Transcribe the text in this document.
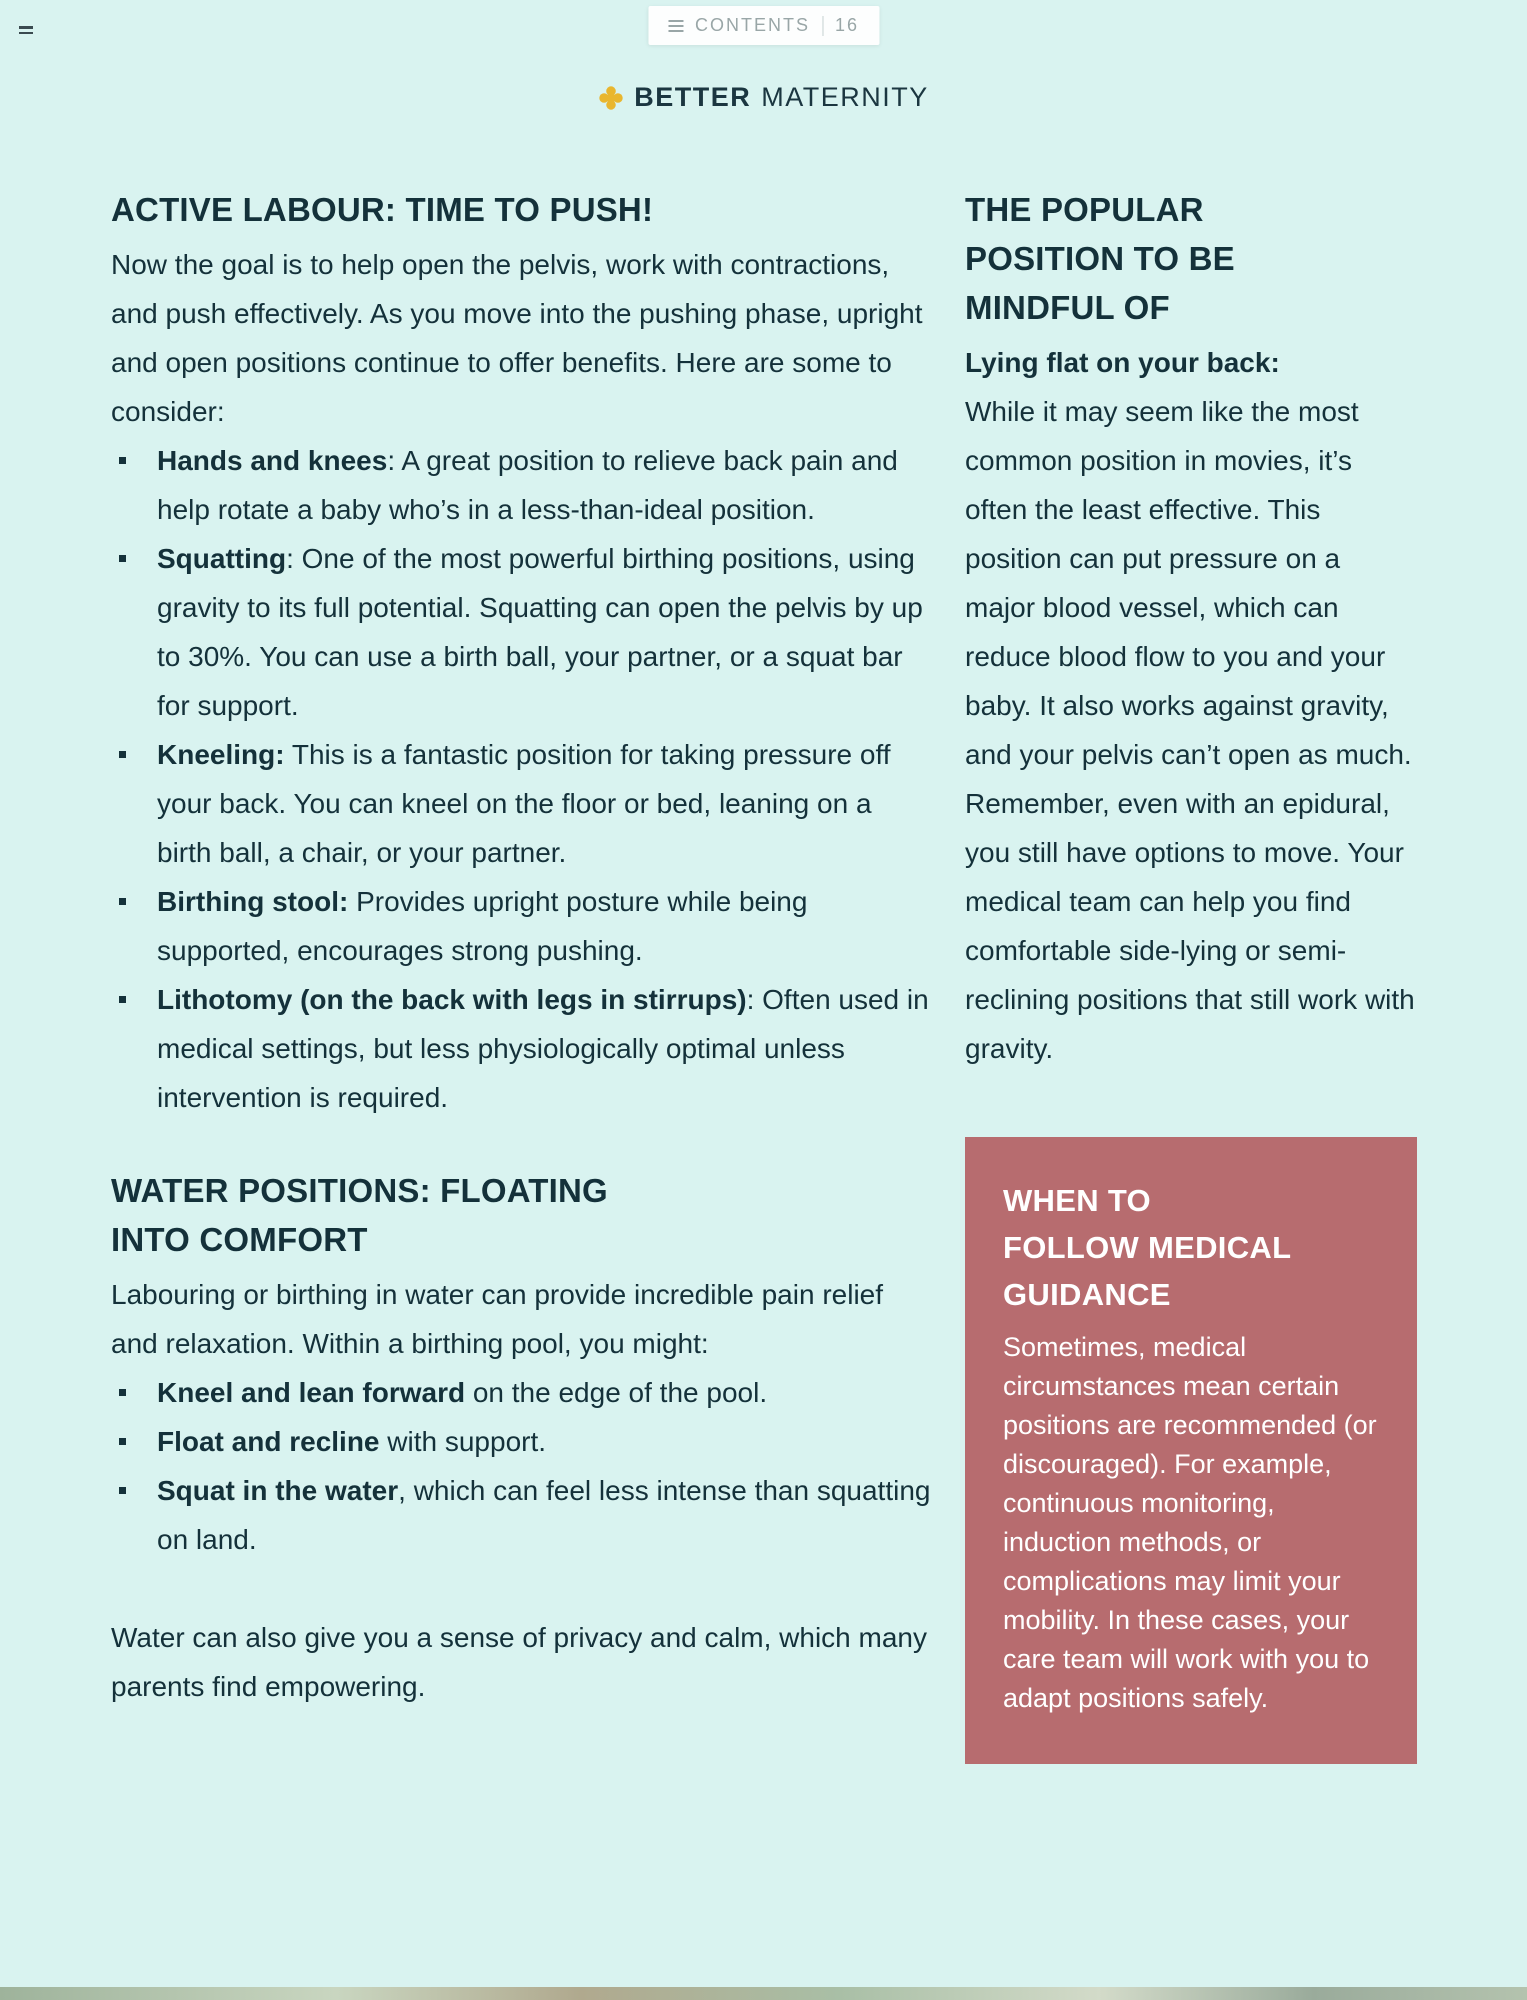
CONTENTS 16
BETTER MATERNITY
ACTIVE LABOUR: TIME TO PUSH!

Now the goal is to help open the pelvis, work with contractions, and push effectively. As you move into the pushing phase, upright and open positions continue to offer benefits. Here are some to consider:

Hands and knees: A great position to relieve back pain and help rotate a baby who’s in a less-than-ideal position.
Squatting: One of the most powerful birthing positions, using gravity to its full potential. Squatting can open the pelvis by up to 30%. You can use a birth ball, your partner, or a squat bar for support.
Kneeling: This is a fantastic position for taking pressure off your back. You can kneel on the floor or bed, leaning on a birth ball, a chair, or your partner.
Birthing stool: Provides upright posture while being supported, encourages strong pushing.
Lithotomy (on the back with legs in stirrups): Often used in medical settings, but less physiologically optimal unless intervention is required.
WATER POSITIONS: FLOATING
INTO COMFORT

Labouring or birthing in water can provide incredible pain relief and relaxation. Within a birthing pool, you might:

Kneel and lean forward on the edge of the pool.
Float and recline with support.
Squat in the water, which can feel less intense than squatting on land.

Water can also give you a sense of privacy and calm, which many parents find empowering.

THE POPULAR
POSITION TO BE
MINDFUL OF

Lying flat on your back:

While it may seem like the most common position in movies, it’s often the least effective. This position can put pressure on a major blood vessel, which can reduce blood flow to you and your baby. It also works against gravity, and your pelvis can’t open as much. Remember, even with an epidural, you still have options to move. Your medical team can help you find comfortable side-lying or semi-reclining positions that still work with gravity.

WHEN TO
FOLLOW MEDICAL
GUIDANCE

Sometimes, medical circumstances mean certain positions are recommended (or discouraged). For example, continuous monitoring, induction methods, or complications may limit your mobility. In these cases, your care team will work with you to adapt positions safely.
